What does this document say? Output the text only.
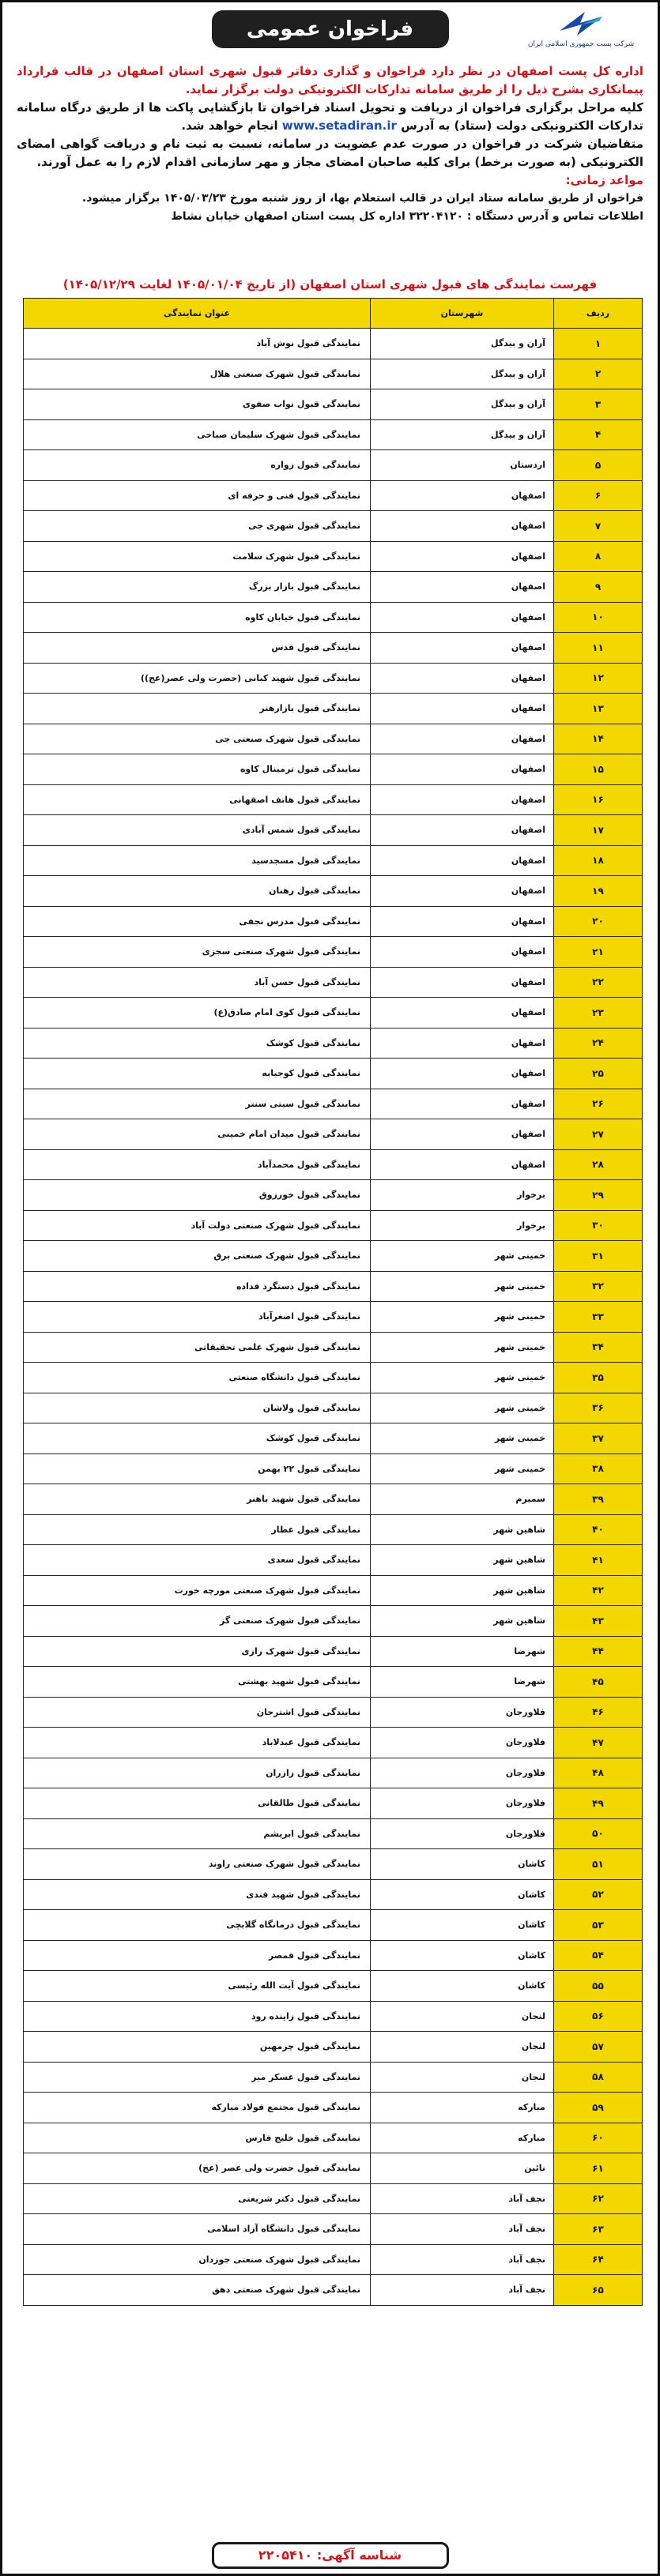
شرکت پست جمهوری اسلامی ایران
فراخوان عمومی

اداره کل پست اصفهان در نظر دارد فراخوان و گذاری دفاتر قبول شهری استان اصفهان در قالب قرارداد پیمانکاری بشرح ذیل را از طریق سامانه تدارکات الکترونیکی دولت برگزار نماید.

کلیه مراحل برگزاری فراخوان از دریافت و تحویل اسناد فراخوان تا بازگشایی پاکت ها از طریق درگاه سامانه تدارکات الکترونیکی دولت (ستاد) به آدرس www.setadiran.ir انجام خواهد شد.

متقاضیان شرکت در فراخوان در صورت عدم عضویت در سامانه، نسبت به ثبت نام و دریافت گواهی امضای الکترونیکی (به صورت برخط) برای کلیه صاحبان امضای مجاز و مهر سازمانی اقدام لازم را به عمل آورند.

مواعد زمانی:

فراخوان از طریق سامانه ستاد ایران در قالب استعلام بها، از روز شنبه مورخ ۱۴۰۵/۰۳/۲۳ برگزار میشود.

اطلاعات تماس و آدرس دستگاه : ۳۲۲۰۴۱۲۰ اداره کل پست استان اصفهان خیابان نشاط

فهرست نمایندگی های قبول شهری استان اصفهان (از تاریخ ۱۴۰۵/۰۱/۰۴ لغایت ۱۴۰۵/۱۲/۲۹)
ردیف	شهرستان	عنوان نمایندگی
۱	آران و بیدگل	نمایندگی قبول نوش آباد
۲	آران و بیدگل	نمایندگی قبول شهرک صنعتی هلال
۳	آران و بیدگل	نمایندگی قبول نواب صفوی
۴	آران و بیدگل	نمایندگی قبول شهرک سلیمان صباحی
۵	اردستان	نمایندگی قبول زواره
۶	اصفهان	نمایندگی قبول فنی و حرفه ای
۷	اصفهان	نمایندگی قبول شهری جی
۸	اصفهان	نمایندگی قبول شهرک سلامت
۹	اصفهان	نمایندگی قبول بازار بزرگ
۱۰	اصفهان	نمایندگی قبول خیابان کاوه
۱۱	اصفهان	نمایندگی قبول قدس
۱۲	اصفهان	نمایندگی قبول شهید کبانی (حضرت ولی عصر(عج))
۱۳	اصفهان	نمایندگی قبول بازارهنر
۱۴	اصفهان	نمایندگی قبول شهرک صنعتی جی
۱۵	اصفهان	نمایندگی قبول ترمینال کاوه
۱۶	اصفهان	نمایندگی قبول هاتف اصفهانی
۱۷	اصفهان	نمایندگی قبول شمس آبادی
۱۸	اصفهان	نمایندگی قبول مسجدسید
۱۹	اصفهان	نمایندگی قبول رهنان
۲۰	اصفهان	نمایندگی قبول مدرس نجفی
۲۱	اصفهان	نمایندگی قبول شهرک صنعتی سجزی
۲۲	اصفهان	نمایندگی قبول حسن آباد
۲۳	اصفهان	نمایندگی قبول کوی امام صادق(ع)
۲۴	اصفهان	نمایندگی قبول کوشک
۲۵	اصفهان	نمایندگی قبول کوجیابه
۲۶	اصفهان	نمایندگی قبول سیتی سنتر
۲۷	اصفهان	نمایندگی قبول میدان امام خمینی
۲۸	اصفهان	نمایندگی قبول محمدآباد
۲۹	برخوار	نمایندگی قبول خورزوق
۳۰	برخوار	نمایندگی قبول شهرک صنعتی دولت آباد
۳۱	خمینی شهر	نمایندگی قبول شهرک صنعتی برق
۳۲	خمینی شهر	نمایندگی قبول دستگرد قداده
۳۳	خمینی شهر	نمایندگی قبول اصغرآباد
۳۴	خمینی شهر	نمایندگی قبول شهرک علمی تحقیقاتی
۳۵	خمینی شهر	نمایندگی قبول دانشگاه صنعتی
۳۶	خمینی شهر	نمایندگی قبول ولاشان
۳۷	خمینی شهر	نمایندگی قبول کوشک
۳۸	خمینی شهر	نمایندگی قبول ۲۲ بهمن
۳۹	سمیرم	نمایندگی قبول شهید باهنر
۴۰	شاهین شهر	نمایندگی قبول عطار
۴۱	شاهین شهر	نمایندگی قبول سعدی
۴۲	شاهین شهر	نمایندگی قبول شهرک صنعتی مورچه خورت
۴۳	شاهین شهر	نمایندگی قبول شهرک صنعتی گز
۴۴	شهرضا	نمایندگی قبول شهرک رازی
۴۵	شهرضا	نمایندگی قبول شهید بهشتی
۴۶	فلاورجان	نمایندگی قبول اشترجان
۴۷	فلاورجان	نمایندگی قبول عبدلاباد
۴۸	فلاورجان	نمایندگی قبول زازران
۴۹	فلاورجان	نمایندگی قبول طالقانی
۵۰	فلاورجان	نمایندگی قبول ابریشم
۵۱	کاشان	نمایندگی قبول شهرک صنعتی راوند
۵۲	کاشان	نمایندگی قبول شهید قندی
۵۳	کاشان	نمایندگی قبول درمانگاه گلابچی
۵۴	کاشان	نمایندگی قبول قمصر
۵۵	کاشان	نمایندگی قبول آیت الله رئیسی
۵۶	لنجان	نمایندگی قبول زاینده رود
۵۷	لنجان	نمایندگی قبول چرمهین
۵۸	لنجان	نمایندگی قبول عسکر میر
۵۹	مبارکه	نمایندگی قبول مجتمع فولاد مبارکه
۶۰	مبارکه	نمایندگی قبول خلیج فارس
۶۱	نائین	نمایندگی قبول حضرت ولی عصر (عج)
۶۲	نجف آباد	نمایندگی قبول دکتر شریعتی
۶۳	نجف آباد	نمایندگی قبول دانشگاه آزاد اسلامی
۶۴	نجف آباد	نمایندگی قبول شهرک صنعتی جوزدان
۶۵	نجف آباد	نمایندگی قبول شهرک صنعتی دهق
شناسه آگهی: ۲۲۰۵۴۱۰
